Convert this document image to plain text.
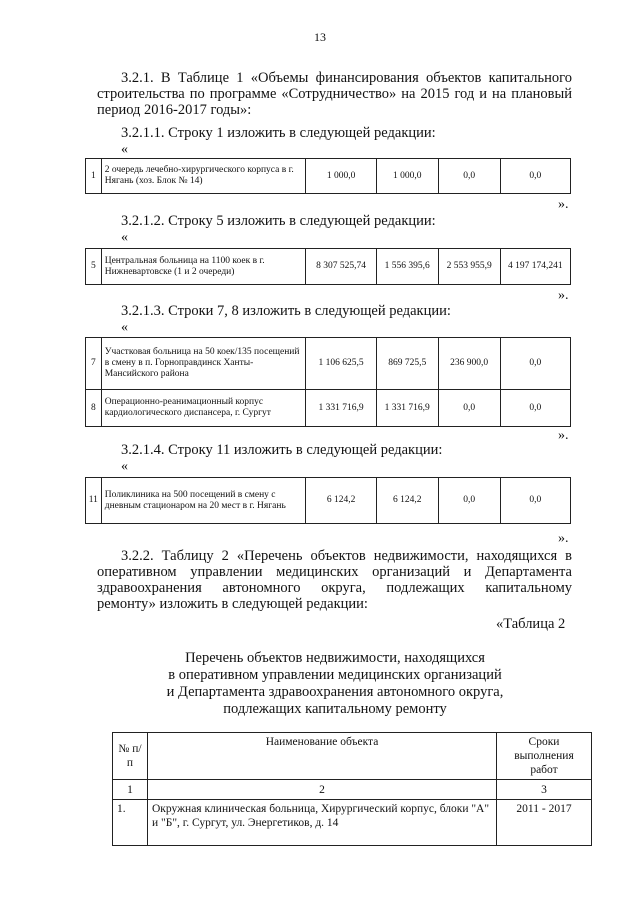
13
3.2.1. В Таблице 1 «Объемы финансирования объектов капитального
строительства по программе «Сотрудничество» на 2015 год и на плановый
период 2016-2017 годы»:
3.2.1.1. Строку 1 изложить в следующей редакции:
«
1	2 очередь лечебно-хирургического корпуса в г. Нягань (хоз. Блок № 14)	1 000,0	1 000,0	0,0	0,0
».
3.2.1.2. Строку 5 изложить в следующей редакции:
«
5	Центральная больница на 1100 коек в г. Нижневартовске (1 и 2 очереди)	8 307 525,74	1 556 395,6	2 553 955,9	4 197 174,241
».
3.2.1.3. Строки 7, 8 изложить в следующей редакции:
«
7	Участковая больница на 50 коек/135 посещений в смену в п. Горноправдинск Ханты-Мансийского района	1 106 625,5	869 725,5	236 900,0	0,0
8	Операционно-реанимационный корпус кардиологического диспансера, г. Сургут	1 331 716,9	1 331 716,9	0,0	0,0
».
3.2.1.4. Строку 11 изложить в следующей редакции:
«
11	Поликлиника на 500 посещений в смену с дневным стационаром на 20 мест в г. Нягань	6 124,2	6 124,2	0,0	0,0
».
3.2.2. Таблицу 2 «Перечень объектов недвижимости, находящихся в
оперативном управлении медицинских организаций и Департамента
здравоохранения автономного округа, подлежащих капитальному
ремонту» изложить в следующей редакции:
«Таблица 2
Перечень объектов недвижимости, находящихся
в оперативном управлении медицинских организаций
и Департамента здравоохранения автономного округа,
подлежащих капитальному ремонту
№ п/п	Наименование объекта	Сроки выполнения работ
1	2	3
1.	Окружная клиническая больница, Хирургический корпус, блоки "А" и "Б", г. Сургут, ул. Энергетиков, д. 14	2011 - 2017
